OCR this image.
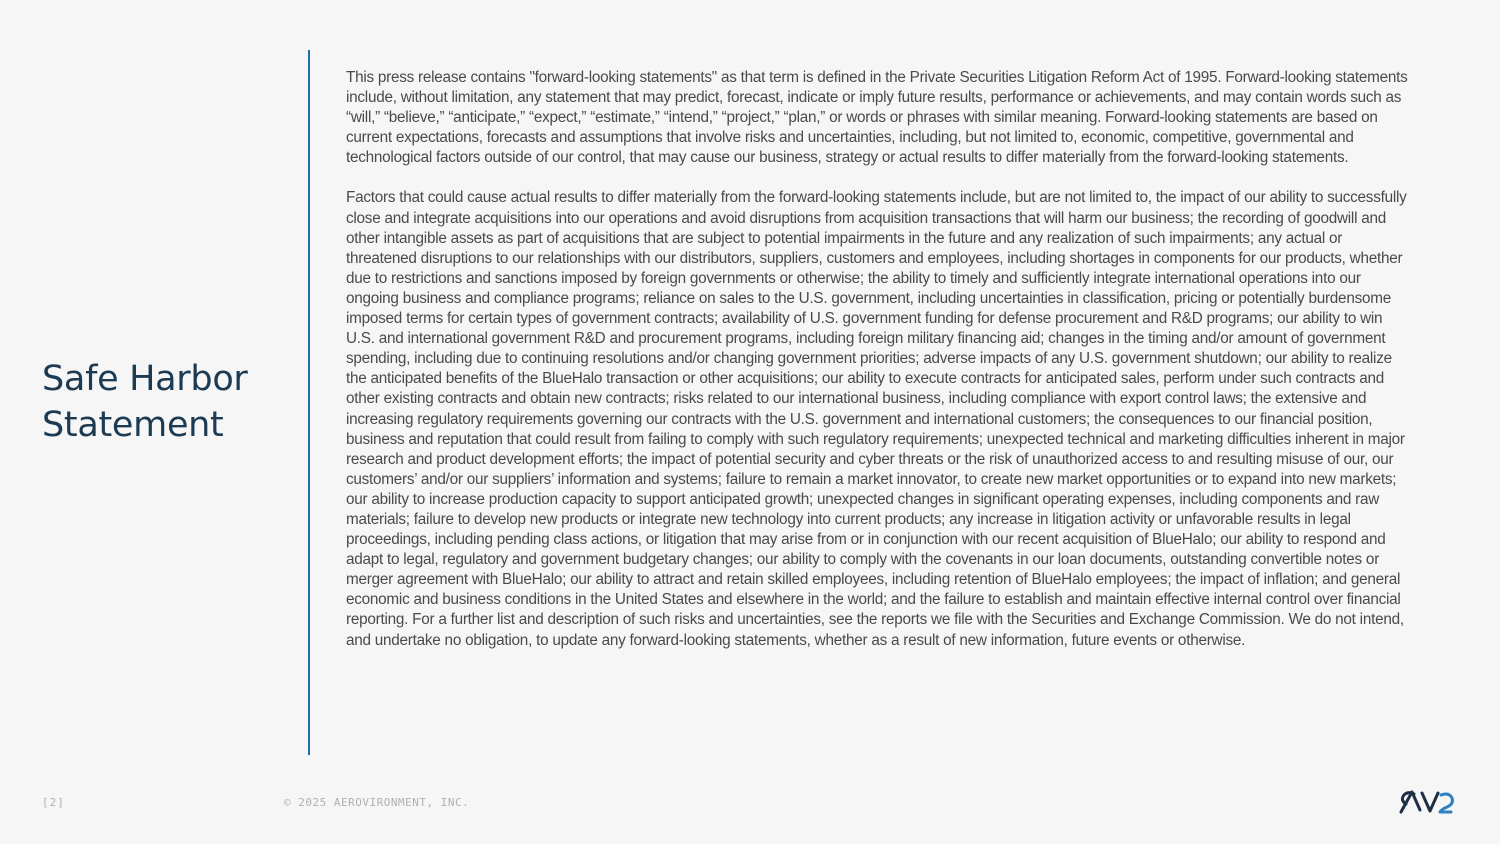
Safe Harbor
Statement

This press release contains "forward-looking statements" as that term is defined in the Private Securities Litigation Reform Act of 1995. Forward-looking statements include, without limitation, any statement that may predict, forecast, indicate or imply future results, performance or achievements, and may contain words such as “will,” “believe,” “anticipate,” “expect,” “estimate,” “intend,” “project,” “plan,” or words or phrases with similar meaning. Forward-looking statements are based on current expectations, forecasts and assumptions that involve risks and uncertainties, including, but not limited to, economic, competitive, governmental and technological factors outside of our control, that may cause our business, strategy or actual results to differ materially from the forward-looking statements.

Factors that could cause actual results to differ materially from the forward-looking statements include, but are not limited to, the impact of our ability to successfully close and integrate acquisitions into our operations and avoid disruptions from acquisition transactions that will harm our business; the recording of goodwill and other intangible assets as part of acquisitions that are subject to potential impairments in the future and any realization of such impairments; any actual or threatened disruptions to our relationships with our distributors, suppliers, customers and employees, including shortages in components for our products, whether due to restrictions and sanctions imposed by foreign governments or otherwise; the ability to timely and sufficiently integrate international operations into our ongoing business and compliance programs; reliance on sales to the U.S. government, including uncertainties in classification, pricing or potentially burdensome imposed terms for certain types of government contracts; availability of U.S. government funding for defense procurement and R&D programs; our ability to win U.S. and international government R&D and procurement programs, including foreign military financing aid; changes in the timing and/or amount of government spending, including due to continuing resolutions and/or changing government priorities; adverse impacts of any U.S. government shutdown; our ability to realize the anticipated benefits of the BlueHalo transaction or other acquisitions; our ability to execute contracts for anticipated sales, perform under such contracts and other existing contracts and obtain new contracts; risks related to our international business, including compliance with export control laws; the extensive and increasing regulatory requirements governing our contracts with the U.S. government and international customers; the consequences to our financial position, business and reputation that could result from failing to comply with such regulatory requirements; unexpected technical and marketing difficulties inherent in major research and product development efforts; the impact of potential security and cyber threats or the risk of unauthorized access to and resulting misuse of our, our customers’ and/or our suppliers’ information and systems; failure to remain a market innovator, to create new market opportunities or to expand into new markets; our ability to increase production capacity to support anticipated growth; unexpected changes in significant operating expenses, including components and raw materials; failure to develop new products or integrate new technology into current products; any increase in litigation activity or unfavorable results in legal proceedings, including pending class actions, or litigation that may arise from or in conjunction with our recent acquisition of BlueHalo; our ability to respond and adapt to legal, regulatory and government budgetary changes; our ability to comply with the covenants in our loan documents, outstanding convertible notes or merger agreement with BlueHalo; our ability to attract and retain skilled employees, including retention of BlueHalo employees; the impact of inflation; and general economic and business conditions in the United States and elsewhere in the world; and the failure to establish and maintain effective internal control over financial reporting. For a further list and description of such risks and uncertainties, see the reports we file with the Securities and Exchange Commission. We do not intend, and undertake no obligation, to update any forward-looking statements, whether as a result of new information, future events or otherwise.

[2]	© 2025 AEROVIRONMENT, INC.
